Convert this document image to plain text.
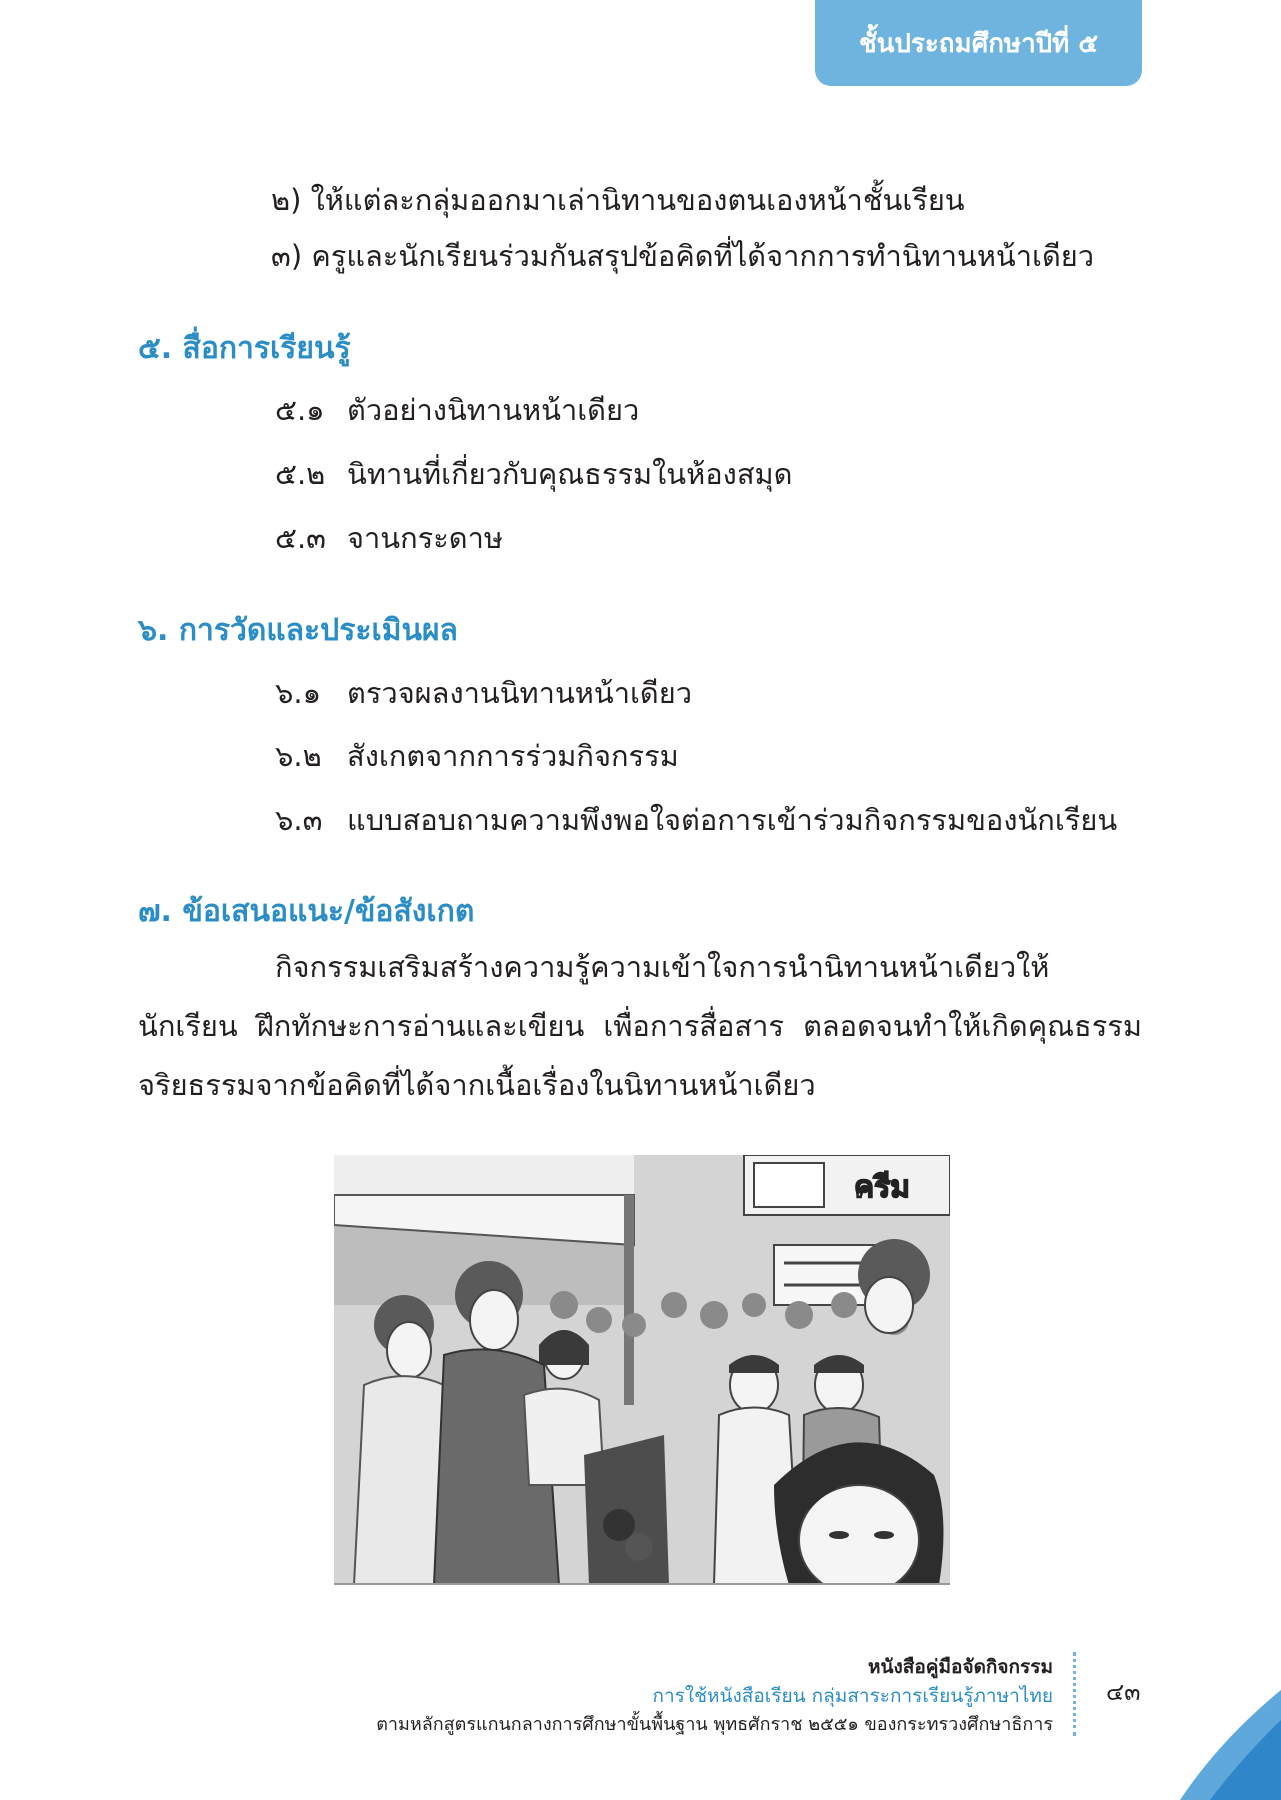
ชั้นประถมศึกษาปีที่ ๕
๒) ให้แต่ละกลุ่มออกมาเล่านิทานของตนเองหน้าชั้นเรียน
๓) ครูและนักเรียนร่วมกันสรุปข้อคิดที่ได้จากการทำนิทานหน้าเดียว
๕. สื่อการเรียนรู้
๕.๑ ตัวอย่างนิทานหน้าเดียว
๕.๒ นิทานที่เกี่ยวกับคุณธรรมในห้องสมุด
๕.๓ จานกระดาษ
๖. การวัดและประเมินผล
๖.๑ ตรวจผลงานนิทานหน้าเดียว
๖.๒ สังเกตจากการร่วมกิจกรรม
๖.๓ แบบสอบถามความพึงพอใจต่อการเข้าร่วมกิจกรรมของนักเรียน
๗. ข้อเสนอแนะ/ข้อสังเกต
กิจกรรมเสริมสร้างความรู้ความเข้าใจการนำนิทานหน้าเดียวให้นักเรียน ฝึกทักษะการอ่านและเขียน เพื่อการสื่อสาร ตลอดจนทำให้เกิดคุณธรรมจริยธรรมจากข้อคิดที่ได้จากเนื้อเรื่องในนิทานหน้าเดียว
ครีม
หนังสือคู่มือจัดกิจกรรม
การใช้หนังสือเรียน กลุ่มสาระการเรียนรู้ภาษาไทย
ตามหลักสูตรแกนกลางการศึกษาขั้นพื้นฐาน พุทธศักราช ๒๕๕๑ ของกระทรวงศึกษาธิการ
๔๓
